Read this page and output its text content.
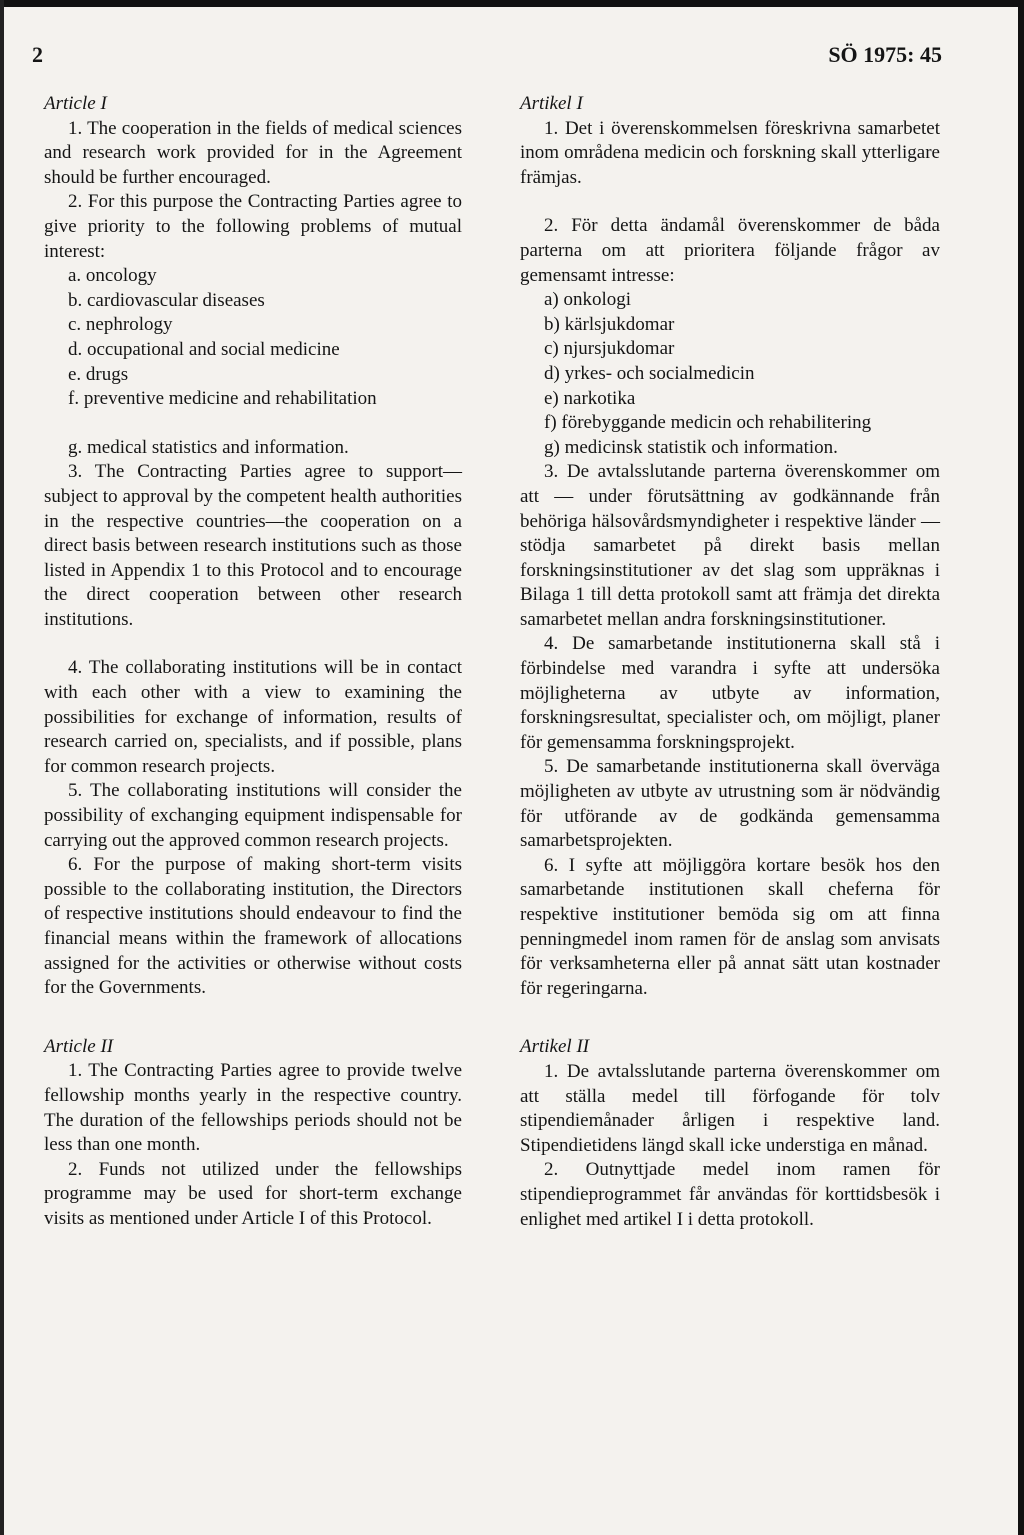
2	SÖ 1975: 45

Article I

1. The cooperation in the fields of medical sciences and research work provided for in the Agreement should be further encouraged.

2. For this purpose the Contracting Parties agree to give priority to the following problems of mutual interest:

a. oncology

b. cardiovascular diseases

c. nephrology

d. occupational and social medicine

e. drugs

f. preventive medicine and rehabilitation

g. medical statistics and information.

3. The Contracting Parties agree to support—subject to approval by the competent health authorities in the respective countries—the cooperation on a direct basis between research institutions such as those listed in Appendix 1 to this Protocol and to encourage the direct cooperation between other research institutions.

4. The collaborating institutions will be in contact with each other with a view to examining the possibilities for exchange of information, results of research carried on, specialists, and if possible, plans for common research projects.

5. The collaborating institutions will consider the possibility of exchanging equipment indispensable for carrying out the approved common research projects.

6. For the purpose of making short-term visits possible to the collaborating institution, the Directors of respective institutions should endeavour to find the financial means within the framework of allocations assigned for the activities or otherwise without costs for the Governments.

Article II

1. The Contracting Parties agree to provide twelve fellowship months yearly in the respective country. The duration of the fellowships periods should not be less than one month.

2. Funds not utilized under the fellowships programme may be used for short-term exchange visits as mentioned under Article I of this Protocol.

Artikel I

1. Det i överenskommelsen föreskrivna samarbetet inom områdena medicin och forskning skall ytterligare främjas.

2. För detta ändamål överenskommer de båda parterna om att prioritera följande frågor av gemensamt intresse:

a) onkologi

b) kärlsjukdomar

c) njursjukdomar

d) yrkes- och socialmedicin

e) narkotika

f) förebyggande medicin och rehabilitering

g) medicinsk statistik och information.

3. De avtalsslutande parterna överenskommer om att — under förutsättning av godkännande från behöriga hälsovårdsmyndigheter i respektive länder — stödja samarbetet på direkt basis mellan forskningsinstitutioner av det slag som uppräknas i Bilaga 1 till detta protokoll samt att främja det direkta samarbetet mellan andra forskningsinstitutioner.

4. De samarbetande institutionerna skall stå i förbindelse med varandra i syfte att undersöka möjligheterna av utbyte av information, forskningsresultat, specialister och, om möjligt, planer för gemensamma forskningsprojekt.

5. De samarbetande institutionerna skall överväga möjligheten av utbyte av utrustning som är nödvändig för utförande av de godkända gemensamma samarbetsprojekten.

6. I syfte att möjliggöra kortare besök hos den samarbetande institutionen skall cheferna för respektive institutioner bemöda sig om att finna penningmedel inom ramen för de anslag som anvisats för verksamheterna eller på annat sätt utan kostnader för regeringarna.

Artikel II

1. De avtalsslutande parterna överenskommer om att ställa medel till förfogande för tolv stipendiemånader årligen i respektive land. Stipendietidens längd skall icke understiga en månad.

2. Outnyttjade medel inom ramen för stipendieprogrammet får användas för korttidsbesök i enlighet med artikel I i detta protokoll.
